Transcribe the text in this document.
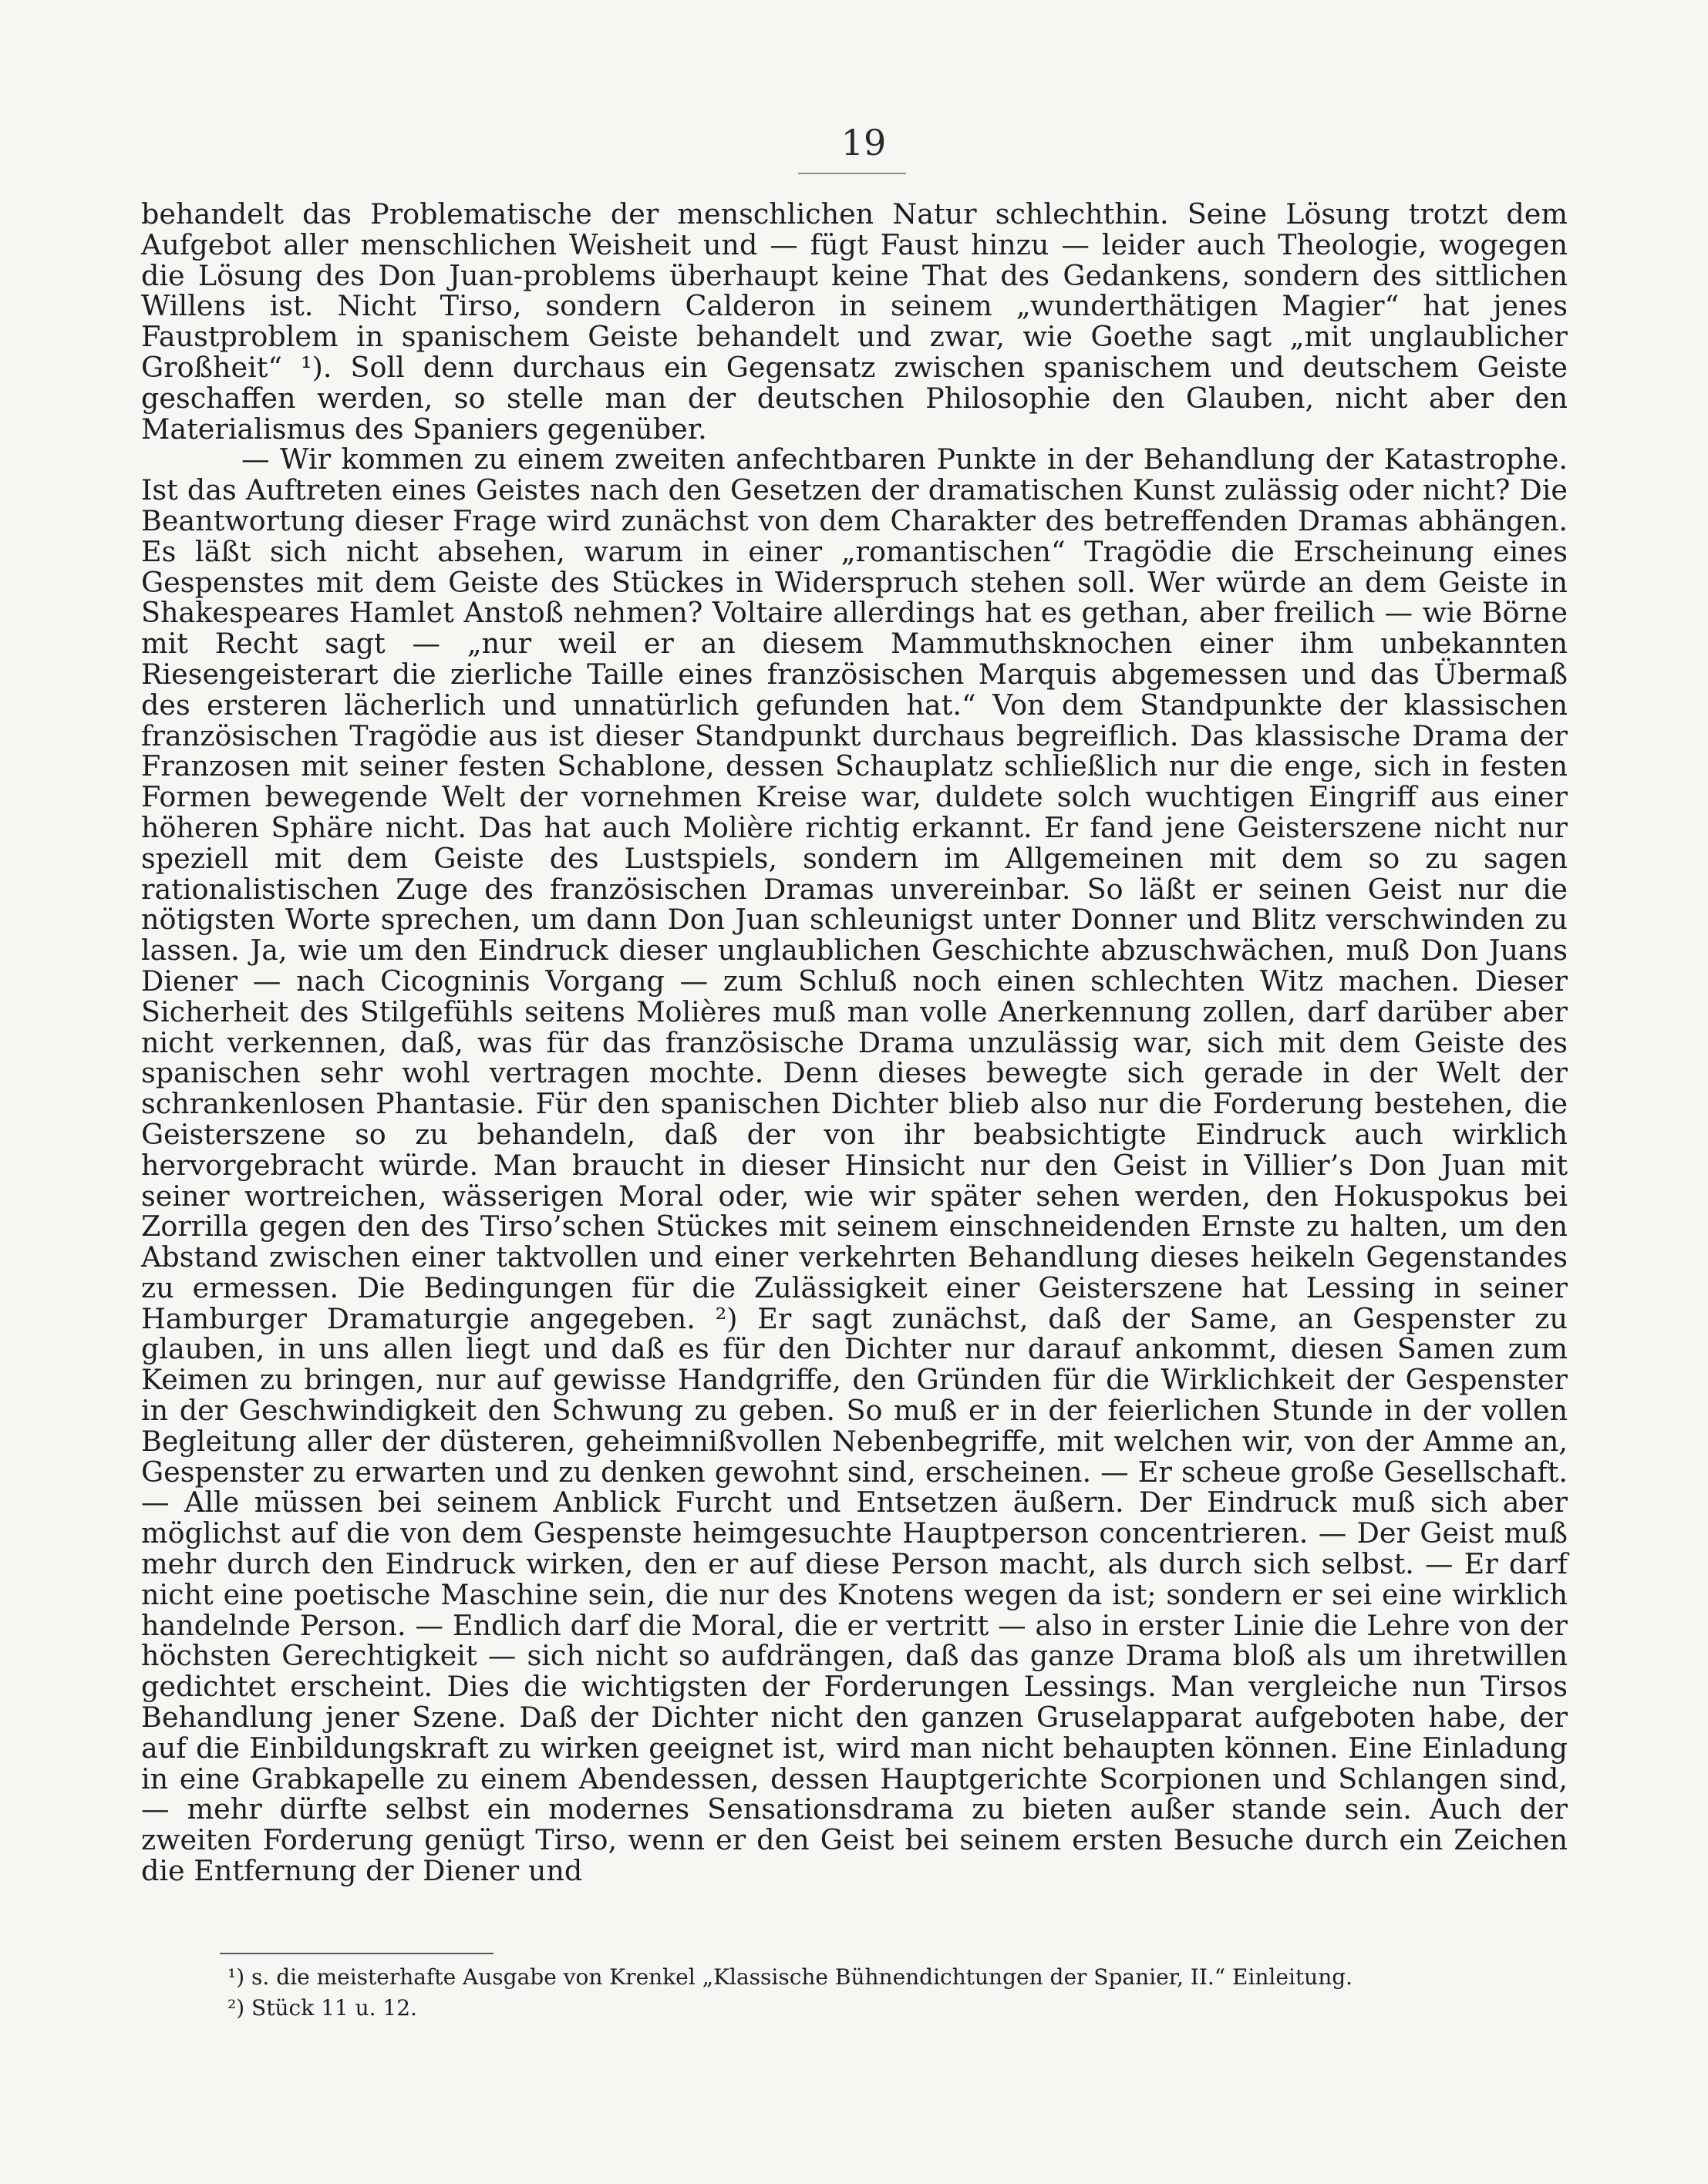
19

behandelt das Problematische der menschlichen Natur schlechthin. Seine Lösung trotzt dem Aufgebot aller menschlichen Weisheit und — fügt Faust hinzu — leider auch Theologie, wogegen die Lösung des Don Juan-problems überhaupt keine That des Gedankens, sondern des sittlichen Willens ist. Nicht Tirso, sondern Calderon in seinem „wunderthätigen Magier“ hat jenes Faustproblem in spanischem Geiste behandelt und zwar, wie Goethe sagt „mit unglaublicher Großheit“ ¹). Soll denn durchaus ein Gegensatz zwischen spanischem und deutschem Geiste geschaffen werden, so stelle man der deutschen Philosophie den Glauben, nicht aber den Materialismus des Spaniers gegenüber.

— Wir kommen zu einem zweiten anfechtbaren Punkte in der Behandlung der Katastrophe. Ist das Auftreten eines Geistes nach den Gesetzen der dramatischen Kunst zulässig oder nicht? Die Beantwortung dieser Frage wird zunächst von dem Charakter des betreffenden Dramas abhängen. Es läßt sich nicht absehen, warum in einer „romantischen“ Tragödie die Erscheinung eines Gespenstes mit dem Geiste des Stückes in Widerspruch stehen soll. Wer würde an dem Geiste in Shakespeares Hamlet Anstoß nehmen? Voltaire allerdings hat es gethan, aber freilich — wie Börne mit Recht sagt — „nur weil er an diesem Mammuthsknochen einer ihm unbekannten Riesengeisterart die zierliche Taille eines französischen Marquis abgemessen und das Übermaß des ersteren lächerlich und unnatürlich gefunden hat.“ Von dem Standpunkte der klassischen französischen Tragödie aus ist dieser Standpunkt durchaus begreiflich. Das klassische Drama der Franzosen mit seiner festen Schablone, dessen Schauplatz schließlich nur die enge, sich in festen Formen bewegende Welt der vornehmen Kreise war, duldete solch wuchtigen Eingriff aus einer höheren Sphäre nicht. Das hat auch Molière richtig erkannt. Er fand jene Geisterszene nicht nur speziell mit dem Geiste des Lustspiels, sondern im Allgemeinen mit dem so zu sagen rationalistischen Zuge des französischen Dramas unvereinbar. So läßt er seinen Geist nur die nötigsten Worte sprechen, um dann Don Juan schleunigst unter Donner und Blitz verschwinden zu lassen. Ja, wie um den Eindruck dieser unglaublichen Geschichte abzuschwächen, muß Don Juans Diener — nach Cicogninis Vorgang — zum Schluß noch einen schlechten Witz machen. Dieser Sicherheit des Stilgefühls seitens Molières muß man volle Anerkennung zollen, darf darüber aber nicht verkennen, daß, was für das französische Drama unzulässig war, sich mit dem Geiste des spanischen sehr wohl vertragen mochte. Denn dieses bewegte sich gerade in der Welt der schrankenlosen Phantasie. Für den spanischen Dichter blieb also nur die Forderung bestehen, die Geisterszene so zu behandeln, daß der von ihr beabsichtigte Eindruck auch wirklich hervorgebracht würde. Man braucht in dieser Hinsicht nur den Geist in Villier’s Don Juan mit seiner wortreichen, wässerigen Moral oder, wie wir später sehen werden, den Hokuspokus bei Zorrilla gegen den des Tirso’schen Stückes mit seinem einschneidenden Ernste zu halten, um den Abstand zwischen einer taktvollen und einer verkehrten Behandlung dieses heikeln Gegenstandes zu ermessen. Die Bedingungen für die Zulässigkeit einer Geisterszene hat Lessing in seiner Hamburger Dramaturgie angegeben. ²) Er sagt zunächst, daß der Same, an Gespenster zu glauben, in uns allen liegt und daß es für den Dichter nur darauf ankommt, diesen Samen zum Keimen zu bringen, nur auf gewisse Handgriffe, den Gründen für die Wirklichkeit der Gespenster in der Geschwindigkeit den Schwung zu geben. So muß er in der feierlichen Stunde in der vollen Begleitung aller der düsteren, geheimnißvollen Nebenbegriffe, mit welchen wir, von der Amme an, Gespenster zu erwarten und zu denken gewohnt sind, erscheinen. — Er scheue große Gesellschaft. — Alle müssen bei seinem Anblick Furcht und Entsetzen äußern. Der Eindruck muß sich aber möglichst auf die von dem Gespenste heimgesuchte Hauptperson concentrieren. — Der Geist muß mehr durch den Eindruck wirken, den er auf diese Person macht, als durch sich selbst. — Er darf nicht eine poetische Maschine sein, die nur des Knotens wegen da ist; sondern er sei eine wirklich handelnde Person. — Endlich darf die Moral, die er vertritt — also in erster Linie die Lehre von der höchsten Gerechtigkeit — sich nicht so aufdrängen, daß das ganze Drama bloß als um ihretwillen gedichtet erscheint. Dies die wichtigsten der Forderungen Lessings. Man vergleiche nun Tirsos Behandlung jener Szene. Daß der Dichter nicht den ganzen Gruselapparat aufgeboten habe, der auf die Einbildungskraft zu wirken geeignet ist, wird man nicht behaupten können. Eine Einladung in eine Grabkapelle zu einem Abendessen, dessen Hauptgerichte Scorpionen und Schlangen sind, — mehr dürfte selbst ein modernes Sensationsdrama zu bieten außer stande sein. Auch der zweiten Forderung genügt Tirso, wenn er den Geist bei seinem ersten Besuche durch ein Zeichen die Entfernung der Diener und

¹) s. die meisterhafte Ausgabe von Krenkel „Klassische Bühnendichtungen der Spanier, II.“ Einleitung.

²) Stück 11 u. 12.
